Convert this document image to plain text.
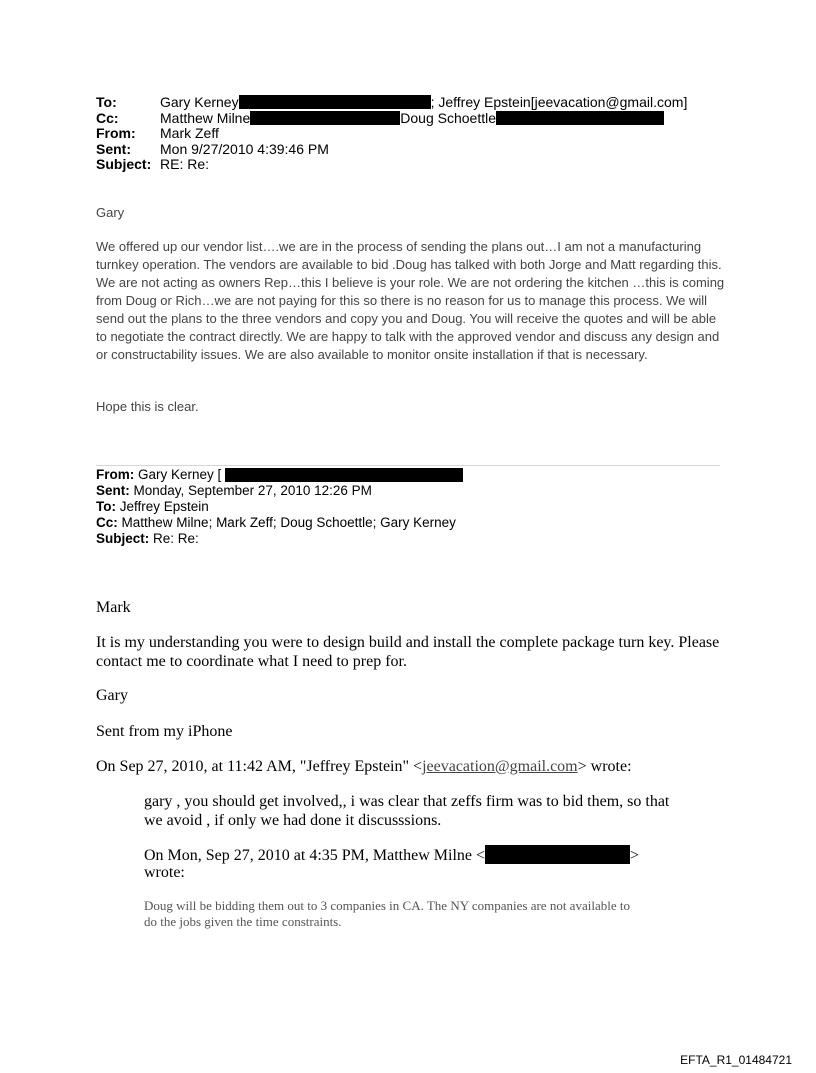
To:	Gary Kerney	; Jeffrey Epstein[jeevacation@gmail.com]
Cc:	Matthew Milne	Doug Schoettle
From:	Mark Zeff
Sent:	Mon 9/27/2010 4:39:46 PM
Subject: RE: Re:
Gary
We offered up our vendor list….we are in the process of sending the plans out…I am not a manufacturing turnkey operation. The vendors are available to bid .Doug has talked with both Jorge and Matt regarding this. We are not acting as owners Rep…this I believe is your role. We are not ordering the kitchen …this is coming from Doug or Rich…we are not paying for this so there is no reason for us to manage this process. We will send out the plans to the three vendors and copy you and Doug. You will receive the quotes and will be able to negotiate the contract directly. We are happy to talk with the approved vendor and discuss any design and or constructability issues. We are also available to monitor onsite installation if that is necessary.
Hope this is clear.
From: Gary Kerney [
Sent: Monday, September 27, 2010 12:26 PM
To: Jeffrey Epstein
Cc: Matthew Milne; Mark Zeff; Doug Schoettle; Gary Kerney
Subject: Re: Re:
Mark
It is my understanding you were to design build and install the complete package turn key. Please contact me to coordinate what I need to prep for.
Gary
Sent from my iPhone
On Sep 27, 2010, at 11:42 AM, "Jeffrey Epstein" <jeevacation@gmail.com> wrote:
gary , you should get involved,, i was clear that zeffs firm was to bid them, so that we avoid , if only we had done it discusssions.
On Mon, Sep 27, 2010 at 4:35 PM, Matthew Milne <	>
wrote:
Doug will be bidding them out to 3 companies in CA. The NY companies are not available to do the jobs given the time constraints.
EFTA_R1_01484721
